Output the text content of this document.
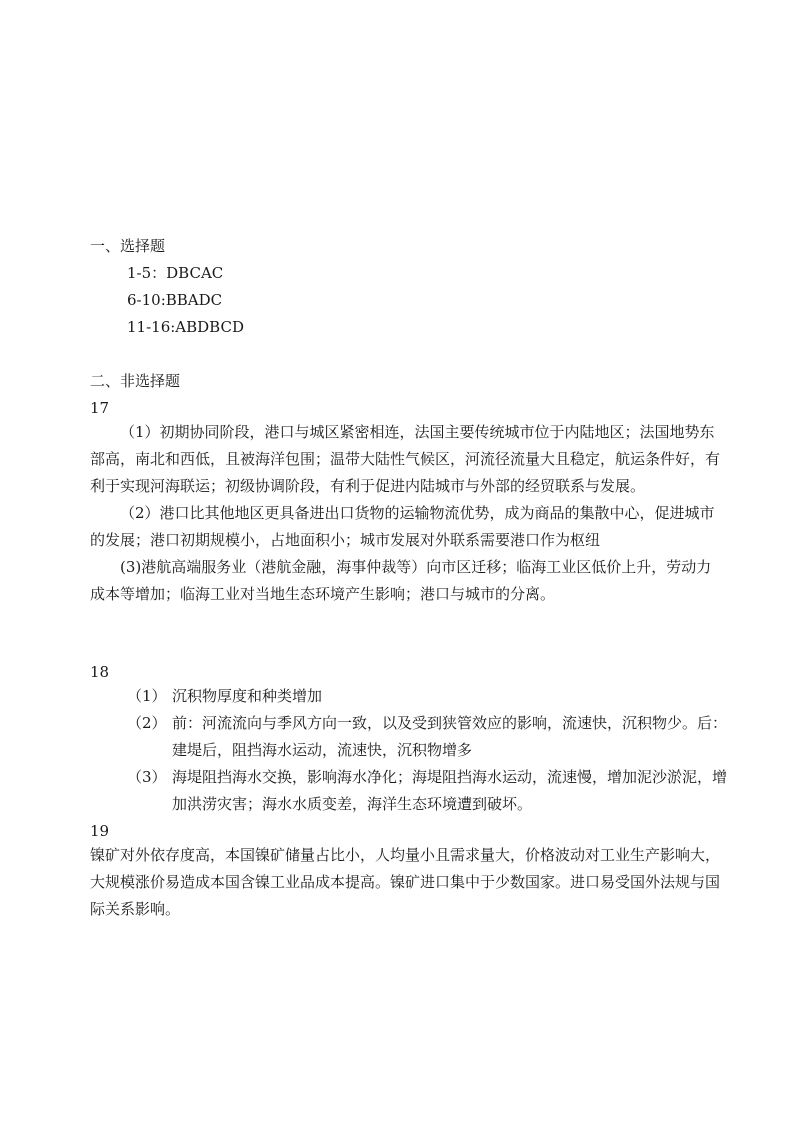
一、选择题
1-5：DBCAC
6-10:BBADC
11-16:ABDBCD
二、非选择题
17

（1）初期协同阶段，港口与城区紧密相连，法国主要传统城市位于内陆地区；法国地势东部高，南北和西低，且被海洋包围；温带大陆性气候区，河流径流量大且稳定，航运条件好，有利于实现河海联运；初级协调阶段，有利于促进内陆城市与外部的经贸联系与发展。

（2）港口比其他地区更具备进出口货物的运输物流优势，成为商品的集散中心，促进城市的发展；港口初期规模小，占地面积小；城市发展对外联系需要港口作为枢纽

(3)港航高端服务业（港航金融，海事仲裁等）向市区迁移；临海工业区低价上升，劳动力成本等增加；临海工业对当地生态环境产生影响；港口与城市的分离。

18
（1） 沉积物厚度和种类增加
（2） 前：河流流向与季风方向一致，以及受到狭管效应的影响，流速快，沉积物少。后：建堤后，阻挡海水运动，流速快，沉积物增多
（3） 海堤阻挡海水交换，影响海水净化；海堤阻挡海水运动，流速慢，增加泥沙淤泥，增加洪涝灾害；海水水质变差，海洋生态环境遭到破坏。
19
镍矿对外依存度高，本国镍矿储量占比小，人均量小且需求量大，价格波动对工业生产影响大，大规模涨价易造成本国含镍工业品成本提高。镍矿进口集中于少数国家。进口易受国外法规与国际关系影响。
